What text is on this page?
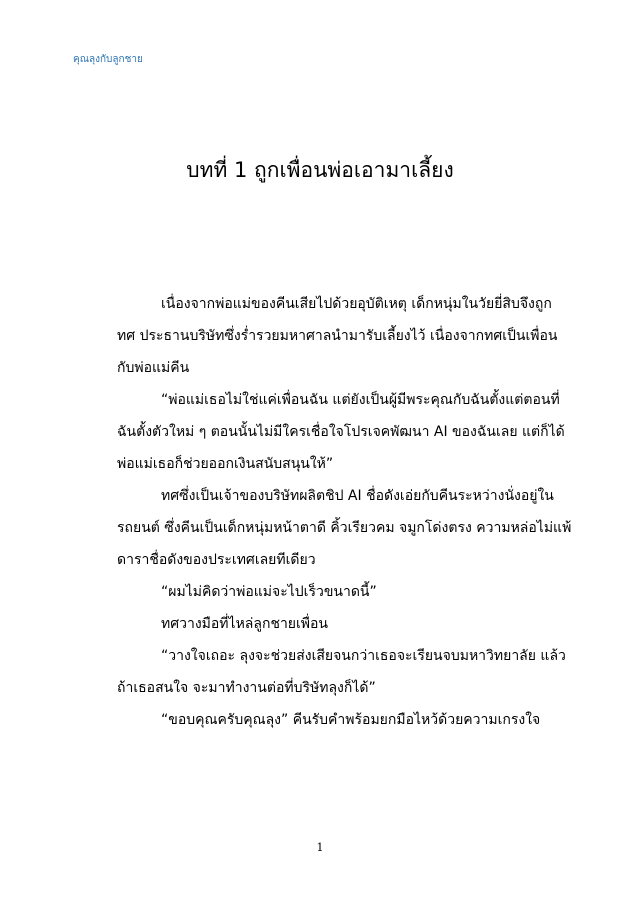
คุณลุงกับลูกชาย
บทที่ 1 ถูกเพื่อนพ่อเอามาเลี้ยง

เนื่องจากพ่อแม่ของคีนเสียไปด้วยอุบัติเหตุ เด็กหนุ่มในวัยยี่สิบจึงถูก
ทศ ประธานบริษัทซึ่งร่ำรวยมหาศาลนำมารับเลี้ยงไว้ เนื่องจากทศเป็นเพื่อน
กับพ่อแม่คีน

“พ่อแม่เธอไม่ใช่แค่เพื่อนฉัน แต่ยังเป็นผู้มีพระคุณกับฉันตั้งแต่ตอนที่
ฉันตั้งตัวใหม่ ๆ ตอนนั้นไม่มีใครเชื่อใจโปรเจคพัฒนา AI ของฉันเลย แต่ก็ได้
พ่อแม่เธอก็ช่วยออกเงินสนับสนุนให้”

ทศซึ่งเป็นเจ้าของบริษัทผลิตชิป AI ชื่อดังเอ่ยกับคีนระหว่างนั่งอยู่ใน
รถยนต์ ซึ่งคีนเป็นเด็กหนุ่มหน้าตาดี คิ้วเรียวคม จมูกโด่งตรง ความหล่อไม่แพ้
ดาราชื่อดังของประเทศเลยทีเดียว

“ผมไม่คิดว่าพ่อแม่จะไปเร็วขนาดนี้”

ทศวางมือที่ไหล่ลูกชายเพื่อน

“วางใจเถอะ ลุงจะช่วยส่งเสียจนกว่าเธอจะเรียนจบมหาวิทยาลัย แล้ว
ถ้าเธอสนใจ จะมาทำงานต่อที่บริษัทลุงก็ได้”

“ขอบคุณครับคุณลุง” คีนรับคำพร้อมยกมือไหว้ด้วยความเกรงใจ

1
